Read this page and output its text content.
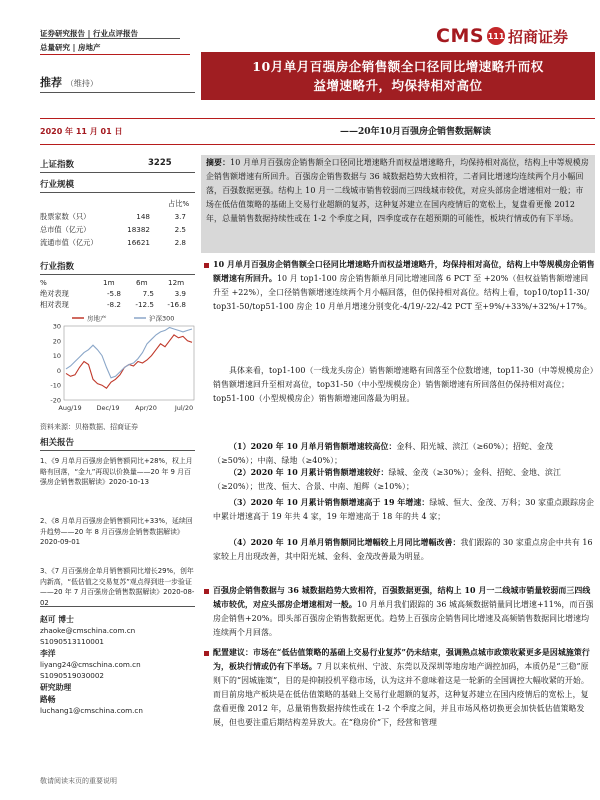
证券研究报告 | 行业点评报告
总量研究 | 房地产
CMS 111 招商证券
10月单月百强房企销售额全口径同比增速略升而权
益增速略升，均保持相对高位
推荐 （维持）
2020 年 11 月 01 日	——20年10月百强房企销售数据解读
上证指数	3225
行业规模
占比%
股票家数（只）	148	3.7
总市值（亿元）	18382	2.5
流通市值（亿元）	16621	2.8
行业指数
%	1m	6m	12m
绝对表现	-5.8	7.5	3.9
相对表现	-8.2	-12.5	-16.8
30
20
10
0
-10
-20
Aug/19 Dec/19 Apr/20	Jul/20
房地产	沪深300
资料来源：贝格数据、招商证券
相关报告
1、《9 月单月百强房企销售额同比+28%，权上月略有回落，“金九”再现以价换量——20 年 9 月百强房企销售数据解读》2020-10-13
2、《8 月单月百强房企销售额同比+33%，延续回升趋势——20 年 8 月百强房企销售数据解读》2020-09-01
3、《7 月百强房企单月销售额同比增长29%，创年内新高，“低估值之交易复苏”观点得到进一步验证——20 年 7 月百强房企销售数据解读》2020-08-02
赵可 博士
zhaoke@cmschina.com.cn
S1090513110001
李洋
liyang24@cmschina.com.cn
S1090519030002
研究助理
路畅
luchang1@cmschina.com.cn
摘要：10 月单月百强房企销售额全口径同比增速略升而权益增速略升，均保持相对高位，结构上中等规模房企销售额增速有所回升。百强房企销售数据与 36 城数据趋势大致相符，二者同比增速均连续两个月小幅回落，百强数据更强。结构上 10 月一二线城市销售较弱而三四线城市较优，对应头部房企增速相对一般；市场在低估值策略的基础上交易行业超额的复苏，这种复苏建立在国内疫情后的宽松上，复盘看更像 2012 年，总量销售数据持续性或在 1-2 个季度之间，四季度或存在超预期的可能性，板块行情或仍有下半场。
10 月单月百强房企销售额全口径同比增速略升而权益增速略升，均保持相对高位，结构上中等规模房企销售额增速有所回升。10 月 top1-100 房企销售额单月同比增速回落 6 PCT 至 +20%（但权益销售额增速回升至 +22%），全口径销售额增速连续两个月小幅回落，但仍保持相对高位。结构上看，top10/top11-30/ top31-50/top51-100 房企 10 月单月增速分别变化-4/19/-22/-42 PCT 至+9%/+33%/+32%/+17%。
具体来看，top1-100（一线龙头房企）销售额增速略有回落至个位数增速，top11-30（中等规模房企）销售额增速回升至相对高位，top31-50（中小型规模房企）销售额增速有所回落但仍保持相对高位；top51-100（小型规模房企）销售额增速回落最为明显。
（1）2020 年 10 月单月销售额增速较高位：金科、阳光城、滨江（≥60%）；招蛇、金茂（≥50%）；中南、绿地（≥40%）；
（2）2020 年 10 月累计销售额增速较好：绿城、金茂（≥30%）；金科、招蛇、金地、滨江（≥20%）；世茂、恒大、合景、中南、旭辉（≥10%）；
（3）2020 年 10 月累计销售额增速高于 19 年增速：绿城、恒大、金茂、万科；30 家重点跟踪房企中累计增速高于 19 年共 4 家，19 年增速高于 18 年的共 4 家；
（4）2020 年 10 月单月销售额同比增幅较上月同比增幅改善：我们跟踪的 30 家重点房企中共有 16 家较上月出现改善，其中阳光城、金科、金茂改善最为明显。
百强房企销售数据与 36 城数据趋势大致相符，百强数据更强，结构上 10 月一二线城市销量较弱而三四线城市较优，对应头部房企增速相对一般。10 月单月我们跟踪的 36 城高频数据销量同比增速+11%，而百强房企销售+20%。即头部百强房企销售数据更优。趋势上百强房企销售同比增速及高频销售数据同比增速均连续两个月回落。
配置建议：市场在“低估值策略的基础上交易行业复苏”仍未结束，强调熟点城市政策收紧更多是因城施策行为，板块行情或仍有下半场。7 月以来杭州、宁波、东莞以及深圳等地房地产调控加码，本质仍是“三稳”原则下的“因城施策”，目的是抑制投机平稳市场，认为这并不意味着这是一轮新的全国调控大幅收紧的开始。而目前房地产板块是在低估值策略的基础上交易行业超额的复苏，这种复苏建立在国内疫情后的宽松上，复盘看更像 2012 年，总量销售数据持续性或在 1-2 个季度之间，并且市场风格切换更会加快低估值策略发展，但也要注重后期结构差异放大。在“稳房价”下，经营和管理
敬请阅读末页的重要说明
